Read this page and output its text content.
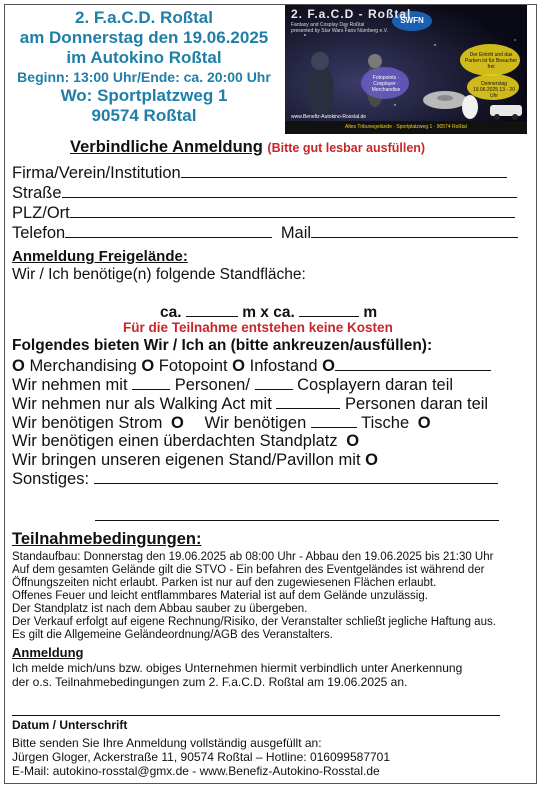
2. F.a.C.D. Roßtal
am Donnerstag den 19.06.2025
im Autokino Roßtal
Beginn: 13:00 Uhr/Ende: ca. 20:00 Uhr
Wo: Sportplatzweg 1
90574 Roßtal
2. F.a.C.D - Roßtal
Fantasy and Cosplay Day Roßtal
presented by Star Wars Fans Nürnberg e.V.
SWFN
Fotopoints · Cosplayer · Merchandise
Der Eintritt und das Parken ist für Besucher frei
Donnerstag 19.06.2025 13 - 20 Uhr
www.Benefiz-Autokino-Rosstal.de
Altes Tribunegelände · Sportplatzweg 1 · 90574 Roßtal
Verbindliche Anmeldung (Bitte gut lesbar ausfüllen)
Firma/Verein/Institution
Straße
PLZ/Ort
Telefon	Mail
Anmeldung Freigelände:
Wir / Ich benötige(n) folgende Standfläche:
ca.	m x ca.	m
Für die Teilnahme entstehen keine Kosten
Folgendes bieten Wir / Ich an (bitte ankreuzen/ausfüllen):
O Merchandising O Fotopoint O Infostand O
Wir nehmen mit	Personen/	Cosplayern daran teil
Wir nehmen nur als Walking Act mit	Personen daran teil
Wir benötigen Strom O Wir benötigen	Tische O
Wir benötigen einen überdachten Standplatz O
Wir bringen unseren eigenen Stand/Pavillon mit O
Sonstiges:
Teilnahmebedingungen:
Standaufbau: Donnerstag den 19.06.2025 ab 08:00 Uhr - Abbau den 19.06.2025 bis 21:30 Uhr
Auf dem gesamten Gelände gilt die STVO - Ein befahren des Eventgeländes ist während der
Öffnungszeiten nicht erlaubt. Parken ist nur auf den zugewiesenen Flächen erlaubt.
Offenes Feuer und leicht entflammbares Material ist auf dem Gelände unzulässig.
Der Standplatz ist nach dem Abbau sauber zu übergeben.
Der Verkauf erfolgt auf eigene Rechnung/Risiko, der Veranstalter schließt jegliche Haftung aus.
Es gilt die Allgemeine Geländeordnung/AGB des Veranstalters.
Anmeldung
Ich melde mich/uns bzw. obiges Unternehmen hiermit verbindlich unter Anerkennung
der o.s. Teilnahmebedingungen zum 2. F.a.C.D. Roßtal am 19.06.2025 an.
Datum / Unterschrift
Bitte senden Sie Ihre Anmeldung vollständig ausgefüllt an:
Jürgen Gloger, Ackerstraße 11, 90574 Roßtal – Hotline: 016099587701
E-Mail: autokino-rosstal@gmx.de - www.Benefiz-Autokino-Rosstal.de
